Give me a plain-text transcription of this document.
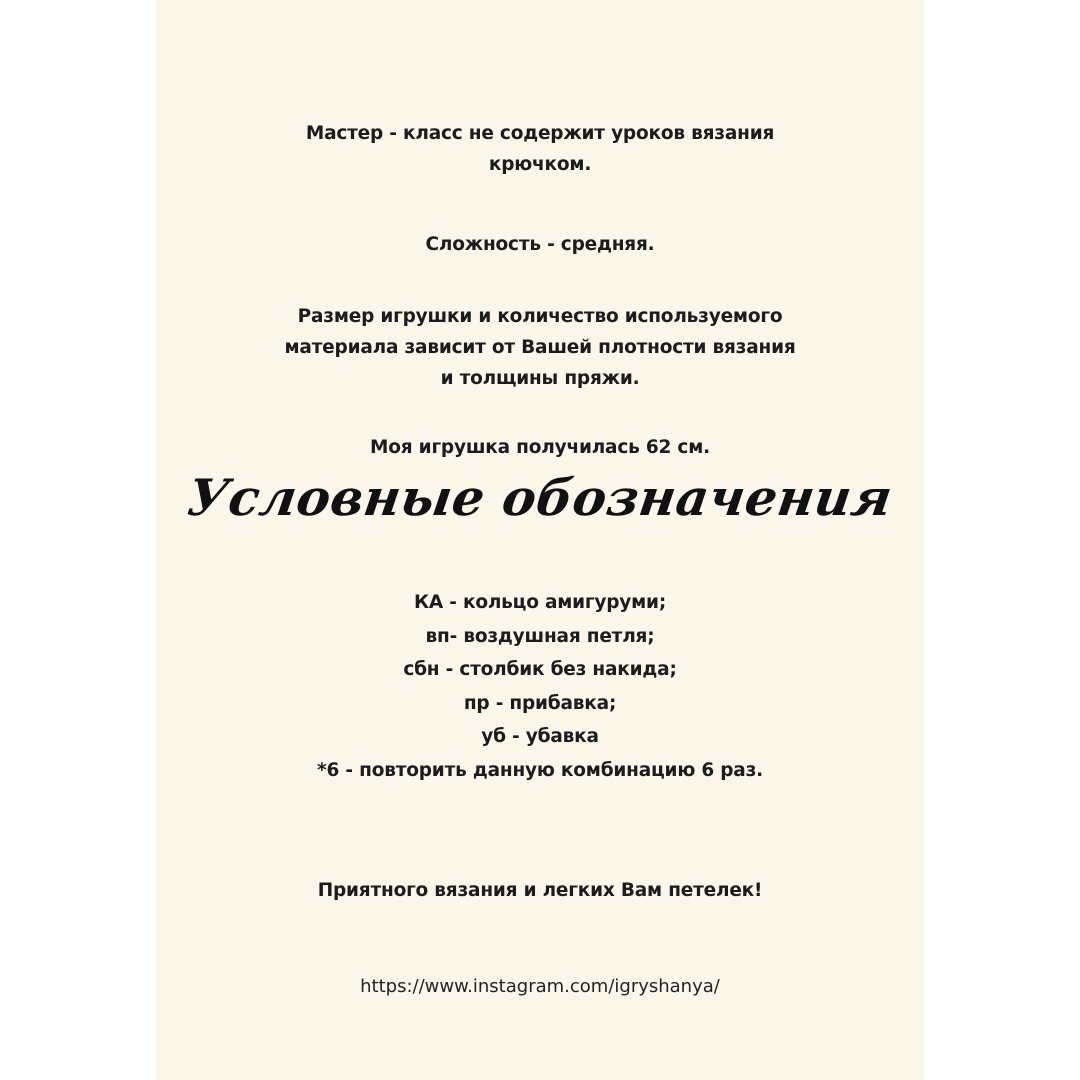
Мастер - класс не содержит уроков вязания
крючком.
Сложность - средняя.
Размер игрушки и количество используемого
материала зависит от Вашей плотности вязания
и толщины пряжи.
Моя игрушка получилась 62 см.
Условные обозначения
КА - кольцо амигуруми;
вп- воздушная петля;
сбн - столбик без накида;
пр - прибавка;
уб - убавка
*6 - повторить данную комбинацию 6 раз.
Приятного вязания и легких Вам петелек!
https://www.instagram.com/igryshanya/
